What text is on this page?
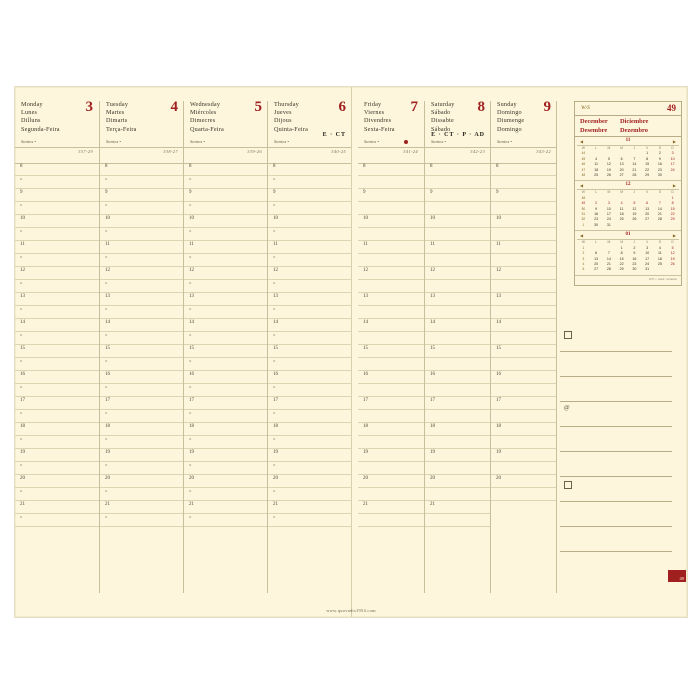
Monday
Lunes
Dilluns
Segunda-Feira
3
Santos •
337-29
8
»
9
»
10
»
11
»
12
»
13
»
14
»
15
»
16
»
17
»
18
»
19
»
20
»
21
»
Tuesday
Martes
Dimarts
Terça-Feira
4
Santos •
338-27
8
»
9
»
10
»
11
»
12
»
13
»
14
»
15
»
16
»
17
»
18
»
19
»
20
»
21
»
Wednesday
Miércoles
Dimecres
Quarta-Feira
5
Santos •
339-26
8
»
9
»
10
»
11
»
12
»
13
»
14
»
15
»
16
»
17
»
18
»
19
»
20
»
21
»
Thursday
Jueves
Dijous
Quinta-Feira
6
Santos •
E · CT
340-25
8
»
9
»
10
»
11
»
12
»
13
»
14
»
15
»
16
»
17
»
18
»
19
»
20
»
21
»
Friday
Viernes
Divendres
Sexta-Feira
7
Santos •
341-24
8
9
10
11
12
13
14
15
16
17
18
19
20
21
Saturday
Sábado
Dissabte
Sábado
8
Santos •
E · CT · P · AD
342-23
8
9
10
11
12
13
14
15
16
17
18
19
20
21
Sunday
Domingo
Diumenge
Domingo
9
Santos •
343-22
8
9
10
11
12
13
14
15
16
17
18
19
20
@
W/S	49
December Diciembre
Desembre Dezembro
◀	11	▶
W	L	M	M	J	V	S	D
44					1	2	3
45	4	5	6	7	8	9	10
46	11	12	13	14	15	16	17
47	18	19	20	21	22	23	24
48	25	26	27	28	29	30	
◀	12	▶
W	L	M	M	J	V	S	D
48							1
49	2	3	4	5	6	7	8
50	9	10	11	12	13	14	15
51	16	17	18	19	20	21	22
52	23	24	25	26	27	28	29
1	30	31					
◀	01	▶
W	L	M	M	J	V	S	D
1			1	2	3	4	5
2	6	7	8	9	10	11	12
3	13	14	15	16	17	18	19
4	20	21	22	23	24	25	26
5	27	28	29	30	31		
W/S = week / semaine
www.quovadis1954.com
49
